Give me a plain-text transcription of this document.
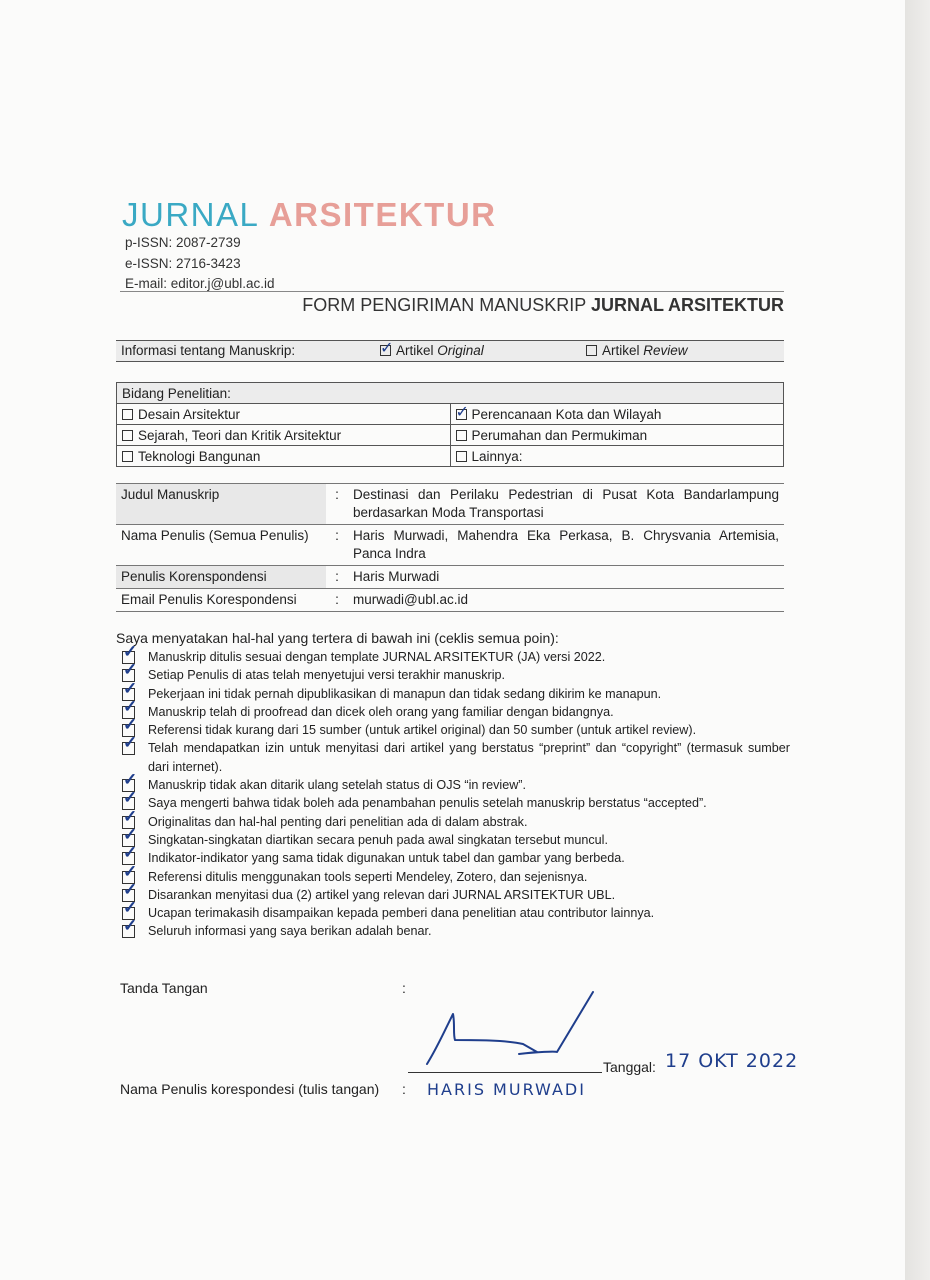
JURNAL ARSITEKTUR
p-ISSN: 2087-2739
e-ISSN: 2716-3423
E-mail: editor.j@ubl.ac.id
FORM PENGIRIMAN MANUSKRIP JURNAL ARSITEKTUR
Informasi tentang Manuskrip: ✓	Artikel Original	Artikel Review
Bidang Penelitian:	
Desain Arsitektur	✓Perencanaan Kota dan Wilayah
Sejarah, Teori dan Kritik Arsitektur	Perumahan dan Permukiman
Teknologi Bangunan	Lainnya:
Judul Manuskrip	:	Destinasi dan Perilaku Pedestrian di Pusat Kota Bandarlampung berdasarkan Moda Transportasi
Nama Penulis (Semua Penulis)	:	Haris Murwadi, Mahendra Eka Perkasa, B. Chrysvania Artemisia, Panca Indra
Penulis Korenspondensi	:	Haris Murwadi
Email Penulis Korespondensi	:	murwadi@ubl.ac.id
Saya menyatakan hal-hal yang tertera di bawah ini (ceklis semua poin):
✓
Manuskrip ditulis sesuai dengan template JURNAL ARSITEKTUR (JA) versi 2022.
✓
Setiap Penulis di atas telah menyetujui versi terakhir manuskrip.
✓
Pekerjaan ini tidak pernah dipublikasikan di manapun dan tidak sedang dikirim ke manapun.
✓
Manuskrip telah di proofread dan dicek oleh orang yang familiar dengan bidangnya.
✓
Referensi tidak kurang dari 15 sumber (untuk artikel original) dan 50 sumber (untuk artikel review).
✓
Telah mendapatkan izin untuk menyitasi dari artikel yang berstatus “preprint” dan “copyright” (termasuk sumber dari internet).
✓
Manuskrip tidak akan ditarik ulang setelah status di OJS “in review”.
✓
Saya mengerti bahwa tidak boleh ada penambahan penulis setelah manuskrip berstatus “accepted”.
✓
Originalitas dan hal-hal penting dari penelitian ada di dalam abstrak.
✓
Singkatan-singkatan diartikan secara penuh pada awal singkatan tersebut muncul.
✓
Indikator-indikator yang sama tidak digunakan untuk tabel dan gambar yang berbeda.
✓
Referensi ditulis menggunakan tools seperti Mendeley, Zotero, dan sejenisnya.
✓
Disarankan menyitasi dua (2) artikel yang relevan dari JURNAL ARSITEKTUR UBL.
✓
Ucapan terimakasih disampaikan kepada pemberi dana penelitian atau contributor lainnya.
✓
Seluruh informasi yang saya berikan adalah benar.
Tanda Tangan	:
Tanggal: 17 OKT 2022
Nama Penulis korespondesi (tulis tangan) : HARIS MURWADI
